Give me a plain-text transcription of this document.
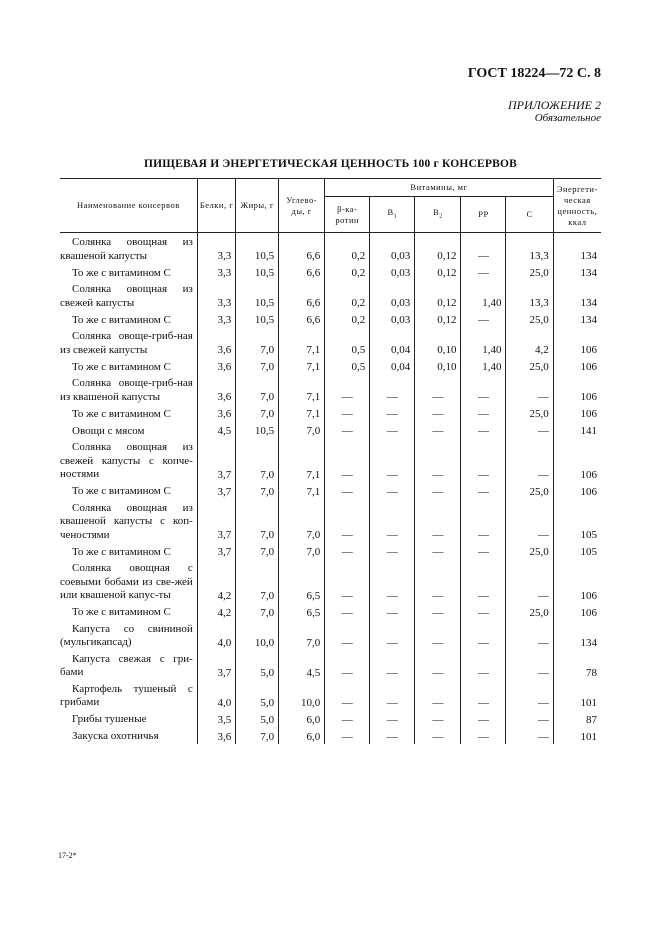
ГОСТ 18224—72 С. 8
ПРИЛОЖЕНИЕ 2
Обязательное
ПИЩЕВАЯ И ЭНЕРГЕТИЧЕСКАЯ ЦЕННОСТЬ 100 г КОНСЕРВОВ
Наименование консервов	Белки, г	Жиры, г	Углево-ды, г	Витамины, мг					Энергети-ческая ценность, ккал
				β-ка-ротин	$B_1$	$B_2$	PP	C	
Солянка овощная из квашеной капусты	3,3	10,5	6,6	0,2	0,03	0,12	—	13,3	134
То же с витамином С	3,3	10,5	6,6	0,2	0,03	0,12	—	25,0	134
Солянка овощная из свежей капусты	3,3	10,5	6,6	0,2	0,03	0,12	1,40	13,3	134
То же с витамином С	3,3	10,5	6,6	0,2	0,03	0,12	—	25,0	134
Солянка овоще-гриб-ная из свежей капусты	3,6	7,0	7,1	0,5	0,04	0,10	1,40	4,2	106
То же с витамином С	3,6	7,0	7,1	0,5	0,04	0,10	1,40	25,0	106
Солянка овоще-гриб-ная из квашеной капусты	3,6	7,0	7,1	—	—	—	—	—	106
То же с витамином С	3,6	7,0	7,1	—	—	—	—	25,0	106
Овощи с мясом	4,5	10,5	7,0	—	—	—	—	—	141
Солянка овощная из свежей капусты с копче-ностями	3,7	7,0	7,1	—	—	—	—	—	106
То же с витамином С	3,7	7,0	7,1	—	—	—	—	25,0	106
Солянка овощная из квашеной капусты с коп-ченостями	3,7	7,0	7,0	—	—	—	—	—	105
То же с витамином С	3,7	7,0	7,0	—	—	—	—	25,0	105
Солянка овощная с соевыми бобами из све-жей или квашеной капус-ты	4,2	7,0	6,5	—	—	—	—	—	106
То же с витамином С	4,2	7,0	6,5	—	—	—	—	25,0	106
Капуста со свининой (мульгикапсад)	4,0	10,0	7,0	—	—	—	—	—	134
Капуста свежая с гри-бами	3,7	5,0	4,5	—	—	—	—	—	78
Картофель тушеный с грибами	4,0	5,0	10,0	—	—	—	—	—	101
Грибы тушеные	3,5	5,0	6,0	—	—	—	—	—	87
Закуска охотничья	3,6	7,0	6,0	—	—	—	—	—	101
17-2*
